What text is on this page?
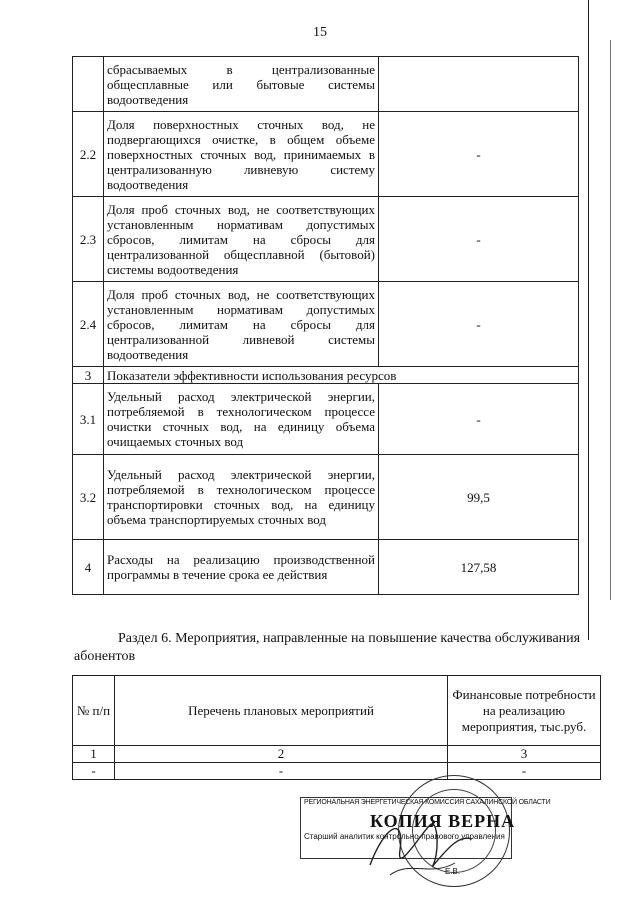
15
	сбрасываемых в централизованные общесплавные или бытовые системы водоотведения	
2.2	Доля поверхностных сточных вод, не подвергающихся очистке, в общем объеме поверхностных сточных вод, принимаемых в централизованную ливневую систему водоотведения	-
2.3	Доля проб сточных вод, не соответствующих установленным нормативам допустимых сбросов, лимитам на сбросы для централизованной общесплавной (бытовой) системы водоотведения	-
2.4	Доля проб сточных вод, не соответствующих установленным нормативам допустимых сбросов, лимитам на сбросы для централизованной ливневой системы водоотведения	-
3	Показатели эффективности использования ресурсов	
3.1	Удельный расход электрической энергии, потребляемой в технологическом процессе очистки сточных вод, на единицу объема очищаемых сточных вод	-
3.2	Удельный расход электрической энергии, потребляемой в технологическом процессе транспортировки сточных вод, на единицу объема транспортируемых сточных вод	99,5
4	Расходы на реализацию производственной программы в течение срока ее действия	127,58
Раздел 6. Мероприятия, направленные на повышение качества обслуживания абонентов
№ п/п	Перечень плановых мероприятий	Финансовые потребности на реализацию мероприятия, тыс.руб.
1	2	3
-	-	-
РЕГИОНАЛЬНАЯ ЭНЕРГЕТИЧЕСКАЯ КОМИССИЯ САХАЛИНСКОЙ ОБЛАСТИ
КОПИЯ ВЕРНА
Старший аналитик контрольно-правового управления
Е.В.
